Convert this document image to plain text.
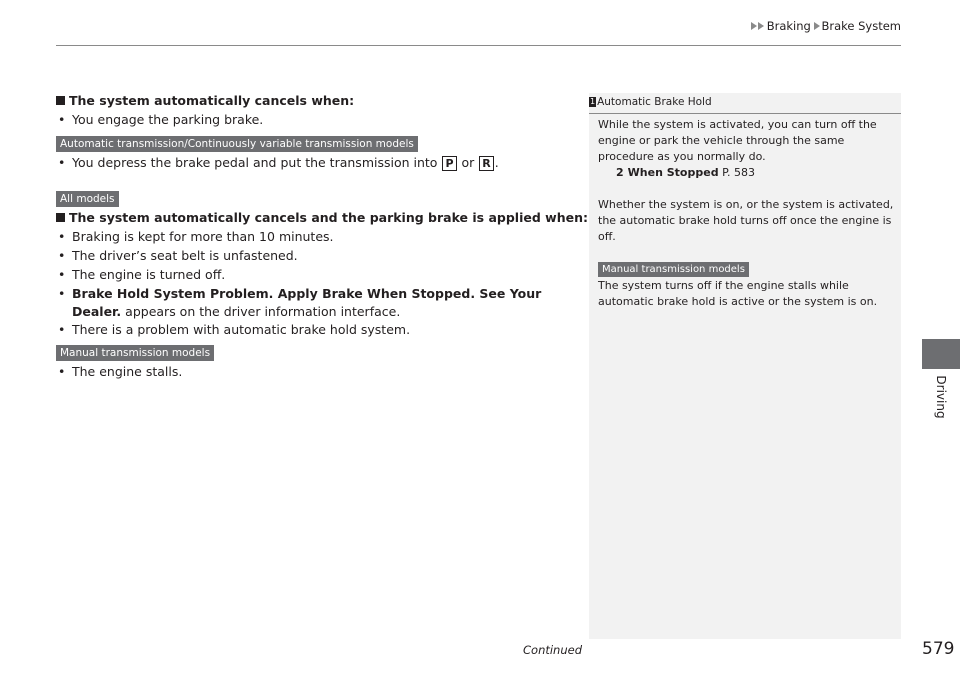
Braking Brake System
Driving
The system automatically cancels when:
• You engage the parking brake.
Automatic transmission/Continuously variable transmission models
• You depress the brake pedal and put the transmission into P or R .
All models
The system automatically cancels and the parking brake is applied when:
• Braking is kept for more than 10 minutes.
• The driver’s seat belt is unfastened.
• The engine is turned off.
• Brake Hold System Problem. Apply Brake When Stopped. See Your Dealer. appears on the driver information interface.
• There is a problem with automatic brake hold system.
Manual transmission models
• The engine stalls.
1 Automatic Brake Hold
While the system is activated, you can turn off the engine or park the vehicle through the same procedure as you normally do.
2 When Stopped P. 583
Whether the system is on, or the system is activated, the automatic brake hold turns off once the engine is off.
Manual transmission models
The system turns off if the engine stalls while automatic brake hold is active or the system is on.
Continued	579
